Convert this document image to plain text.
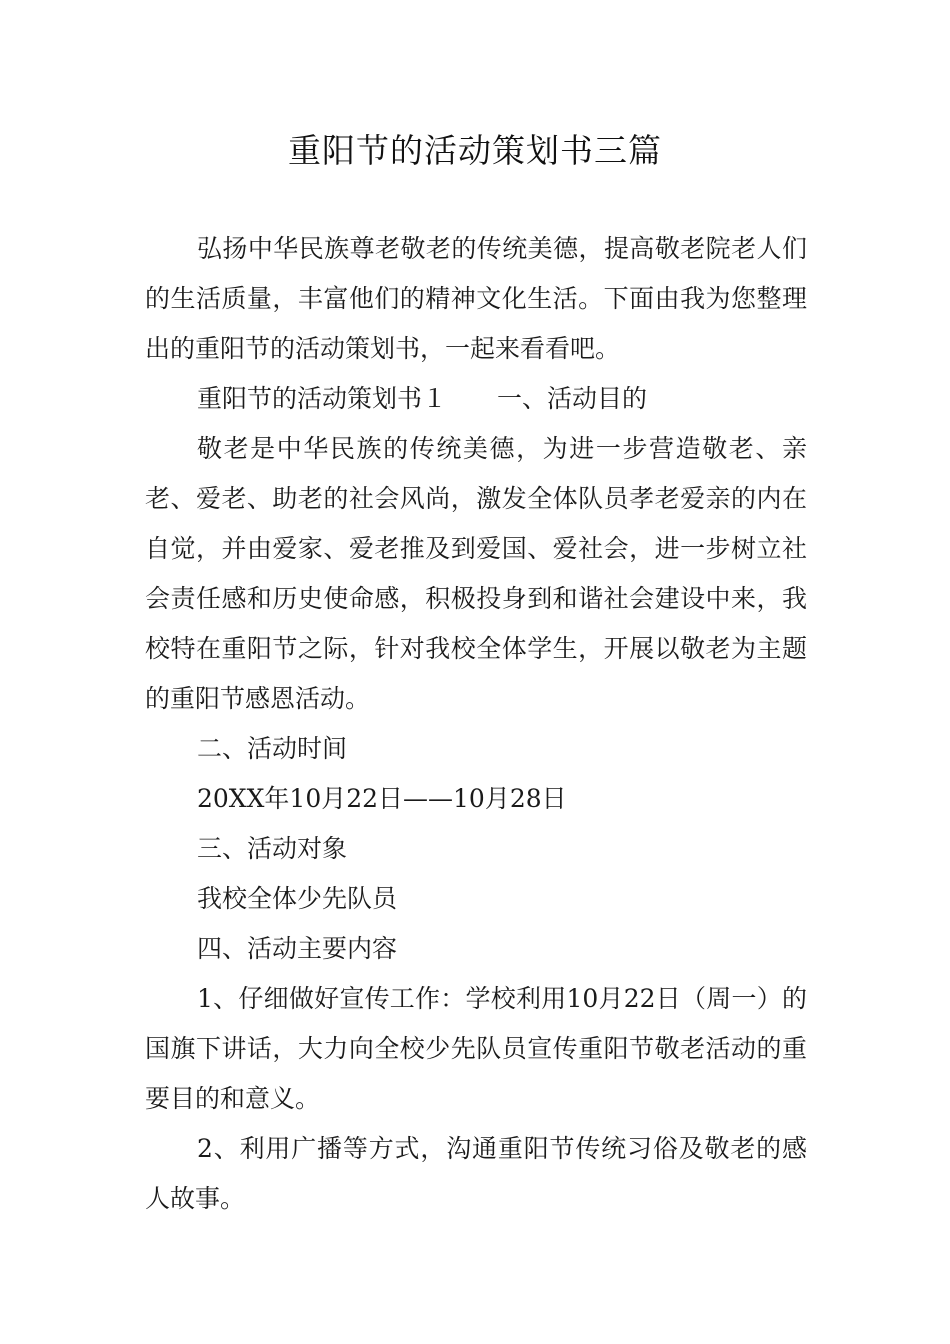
重阳节的活动策划书三篇

弘扬中华民族尊老敬老的传统美德，提高敬老院老人们的生活质量，丰富他们的精神文化生活。下面由我为您整理出的重阳节的活动策划书，一起来看看吧。

重阳节的活动策划书１ 一、活动目的

敬老是中华民族的传统美德，为进一步营造敬老、亲老、爱老、助老的社会风尚，激发全体队员孝老爱亲的内在自觉，并由爱家、爱老推及到爱国、爱社会，进一步树立社会责任感和历史使命感，积极投身到和谐社会建设中来，我校特在重阳节之际，针对我校全体学生，开展以敬老为主题的重阳节感恩活动。

二、活动时间

20XX年10月22日——10月28日

三、活动对象

我校全体少先队员

四、活动主要内容

1、仔细做好宣传工作：学校利用10月22日（周一）的国旗下讲话，大力向全校少先队员宣传重阳节敬老活动的重要目的和意义。

2、利用广播等方式，沟通重阳节传统习俗及敬老的感人故事。
